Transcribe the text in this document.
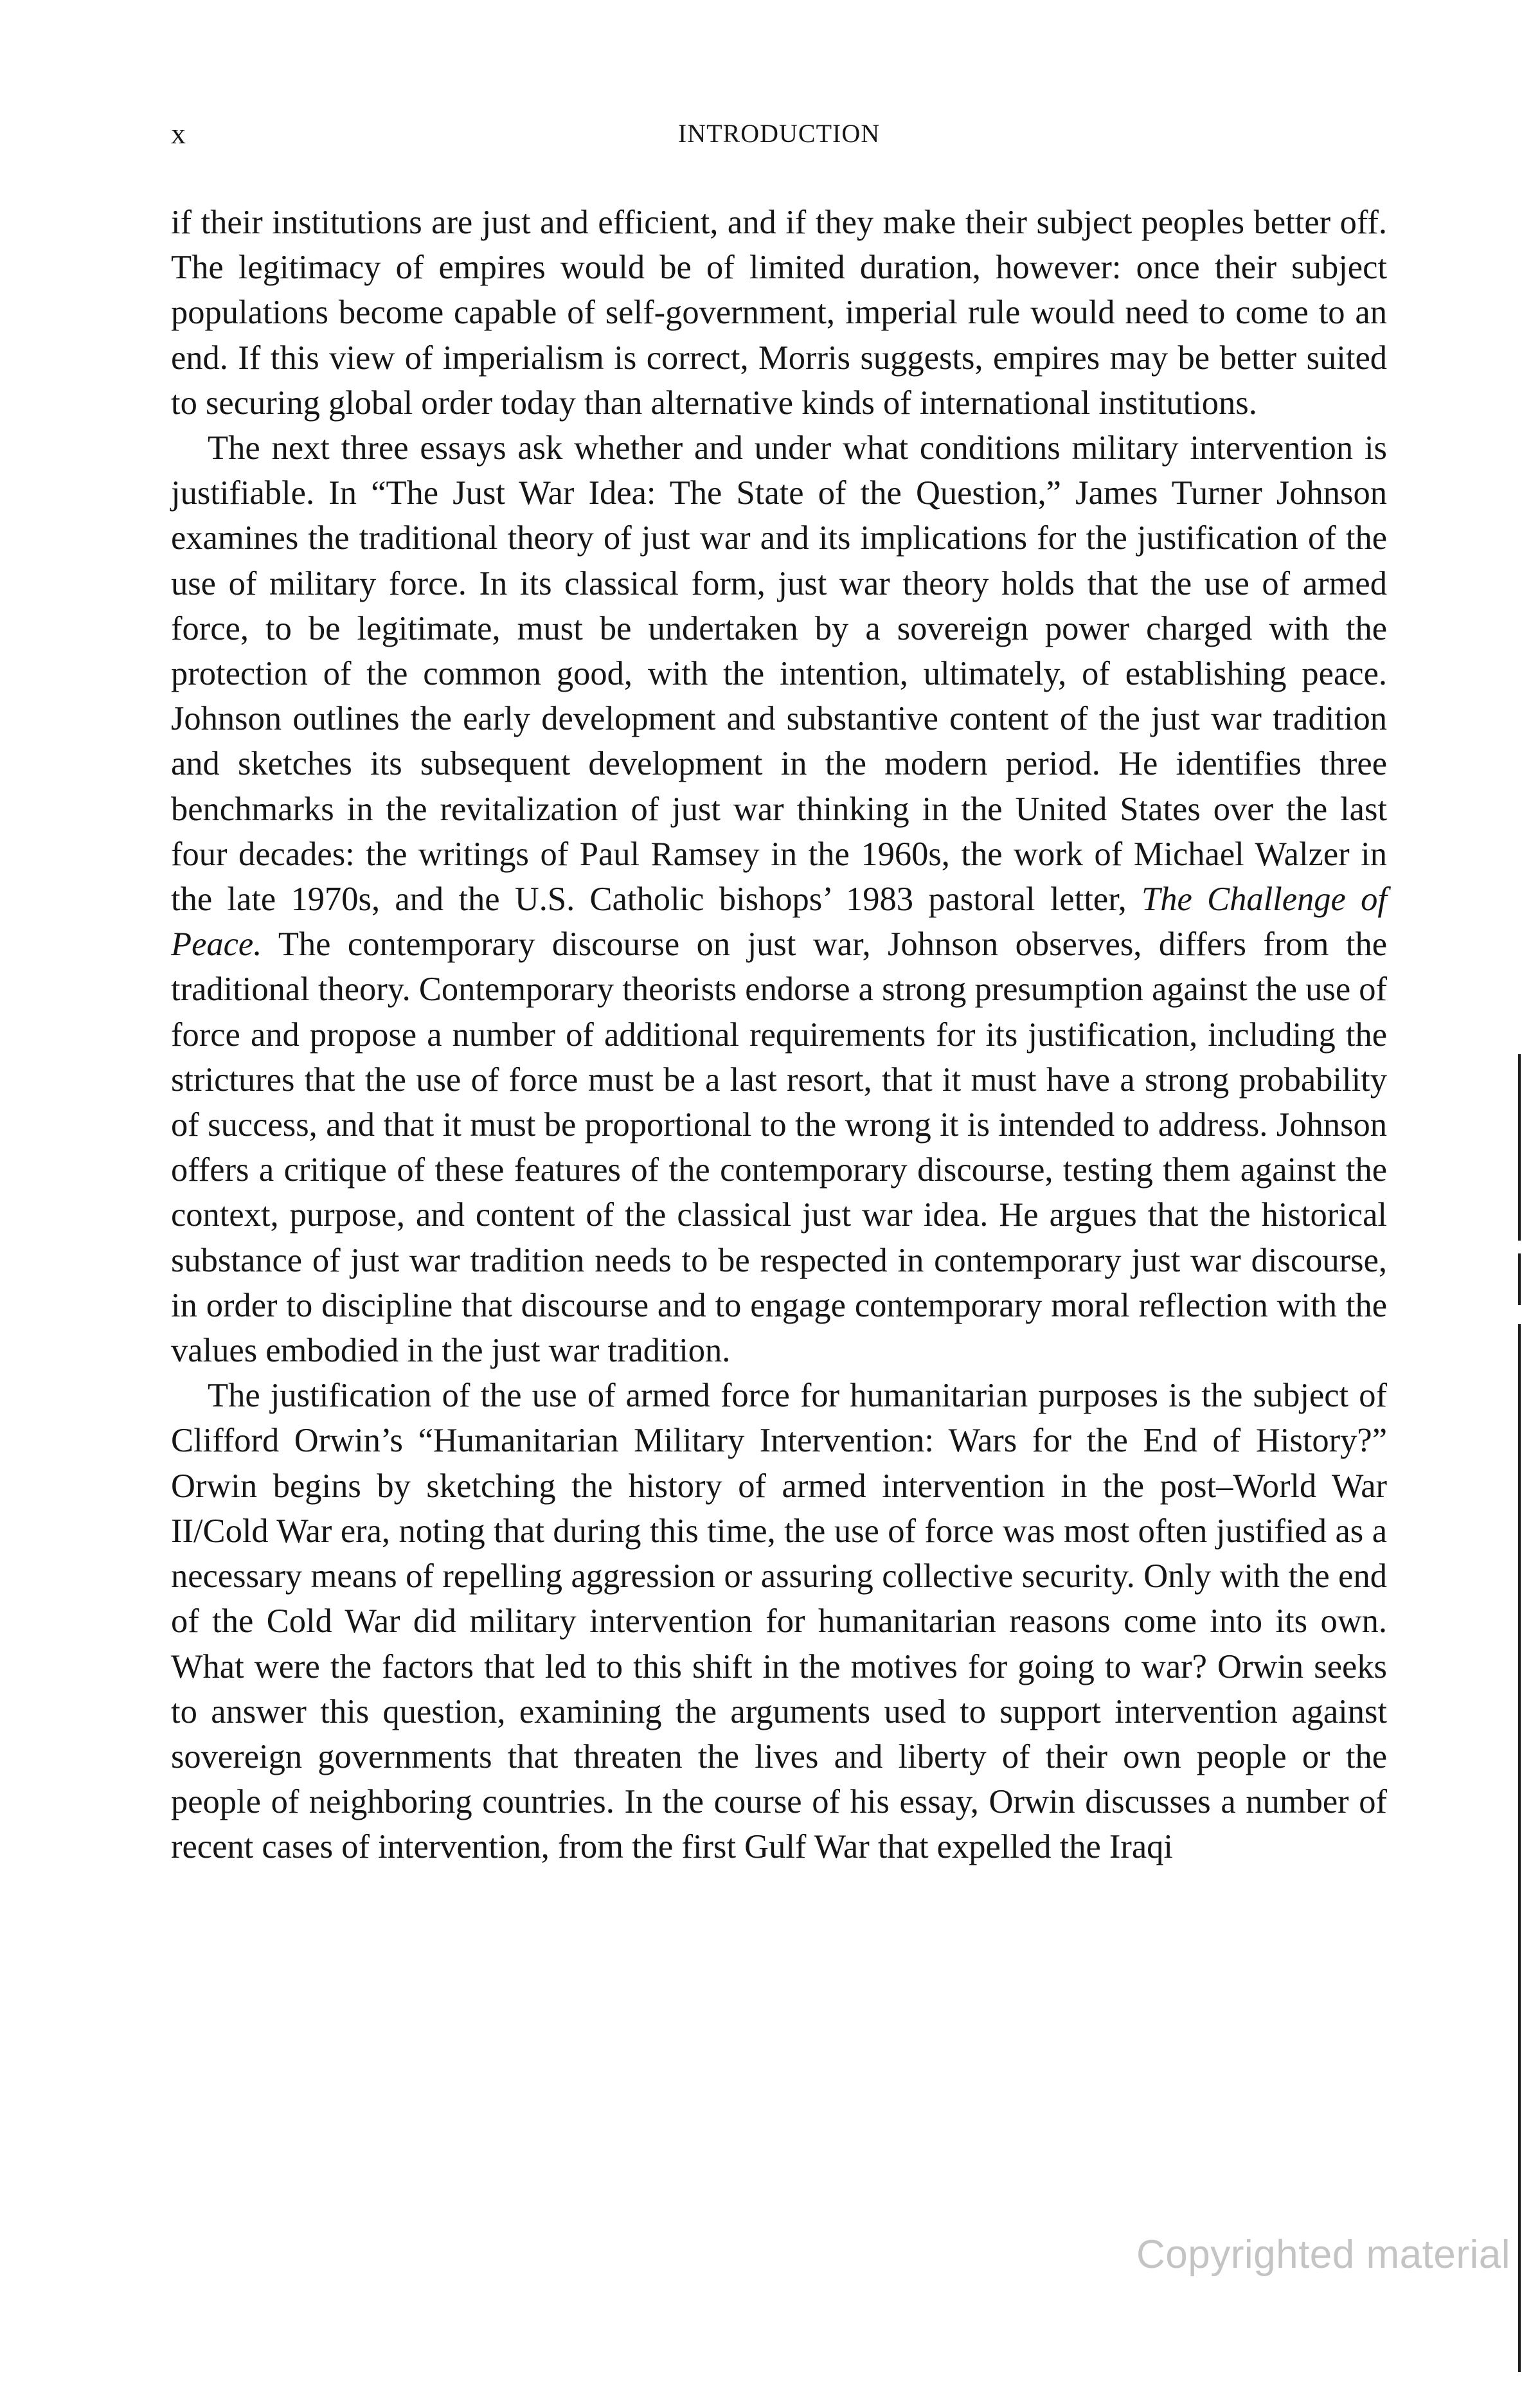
x	INTRODUCTION

if their institutions are just and efficient, and if they make their subject peoples better off. The legitimacy of empires would be of limited duration, however: once their subject populations become capable of self-government, imperial rule would need to come to an end. If this view of imperialism is correct, Morris suggests, empires may be better suited to securing global order today than alternative kinds of international institutions.

The next three essays ask whether and under what conditions military intervention is justifiable. In “The Just War Idea: The State of the Question,” James Turner Johnson examines the traditional theory of just war and its implications for the justification of the use of military force. In its classical form, just war theory holds that the use of armed force, to be legitimate, must be undertaken by a sovereign power charged with the protection of the common good, with the intention, ultimately, of establishing peace. Johnson outlines the early development and substantive content of the just war tradition and sketches its subsequent development in the modern period. He identifies three benchmarks in the revitalization of just war thinking in the United States over the last four decades: the writings of Paul Ramsey in the 1960s, the work of Michael Walzer in the late 1970s, and the U.S. Catholic bishops’ 1983 pastoral letter, The Challenge of Peace. The contemporary discourse on just war, Johnson observes, differs from the traditional theory. Contemporary theorists endorse a strong presumption against the use of force and propose a number of additional requirements for its justification, including the strictures that the use of force must be a last resort, that it must have a strong probability of success, and that it must be proportional to the wrong it is intended to address. Johnson offers a critique of these features of the contemporary discourse, testing them against the context, purpose, and content of the classical just war idea. He argues that the historical substance of just war tradition needs to be respected in contemporary just war discourse, in order to discipline that discourse and to engage contemporary moral reflection with the values embodied in the just war tradition.

The justification of the use of armed force for humanitarian purposes is the subject of Clifford Orwin’s “Humanitarian Military Intervention: Wars for the End of History?” Orwin begins by sketching the history of armed intervention in the post–World War II/Cold War era, noting that during this time, the use of force was most often justified as a necessary means of repelling aggression or assuring collective security. Only with the end of the Cold War did military intervention for humanitarian reasons come into its own. What were the factors that led to this shift in the motives for going to war? Orwin seeks to answer this question, examining the arguments used to support intervention against sovereign governments that threaten the lives and liberty of their own people or the people of neighboring countries. In the course of his essay, Orwin discusses a number of recent cases of intervention, from the first Gulf War that expelled the Iraqi

Copyrighted material
